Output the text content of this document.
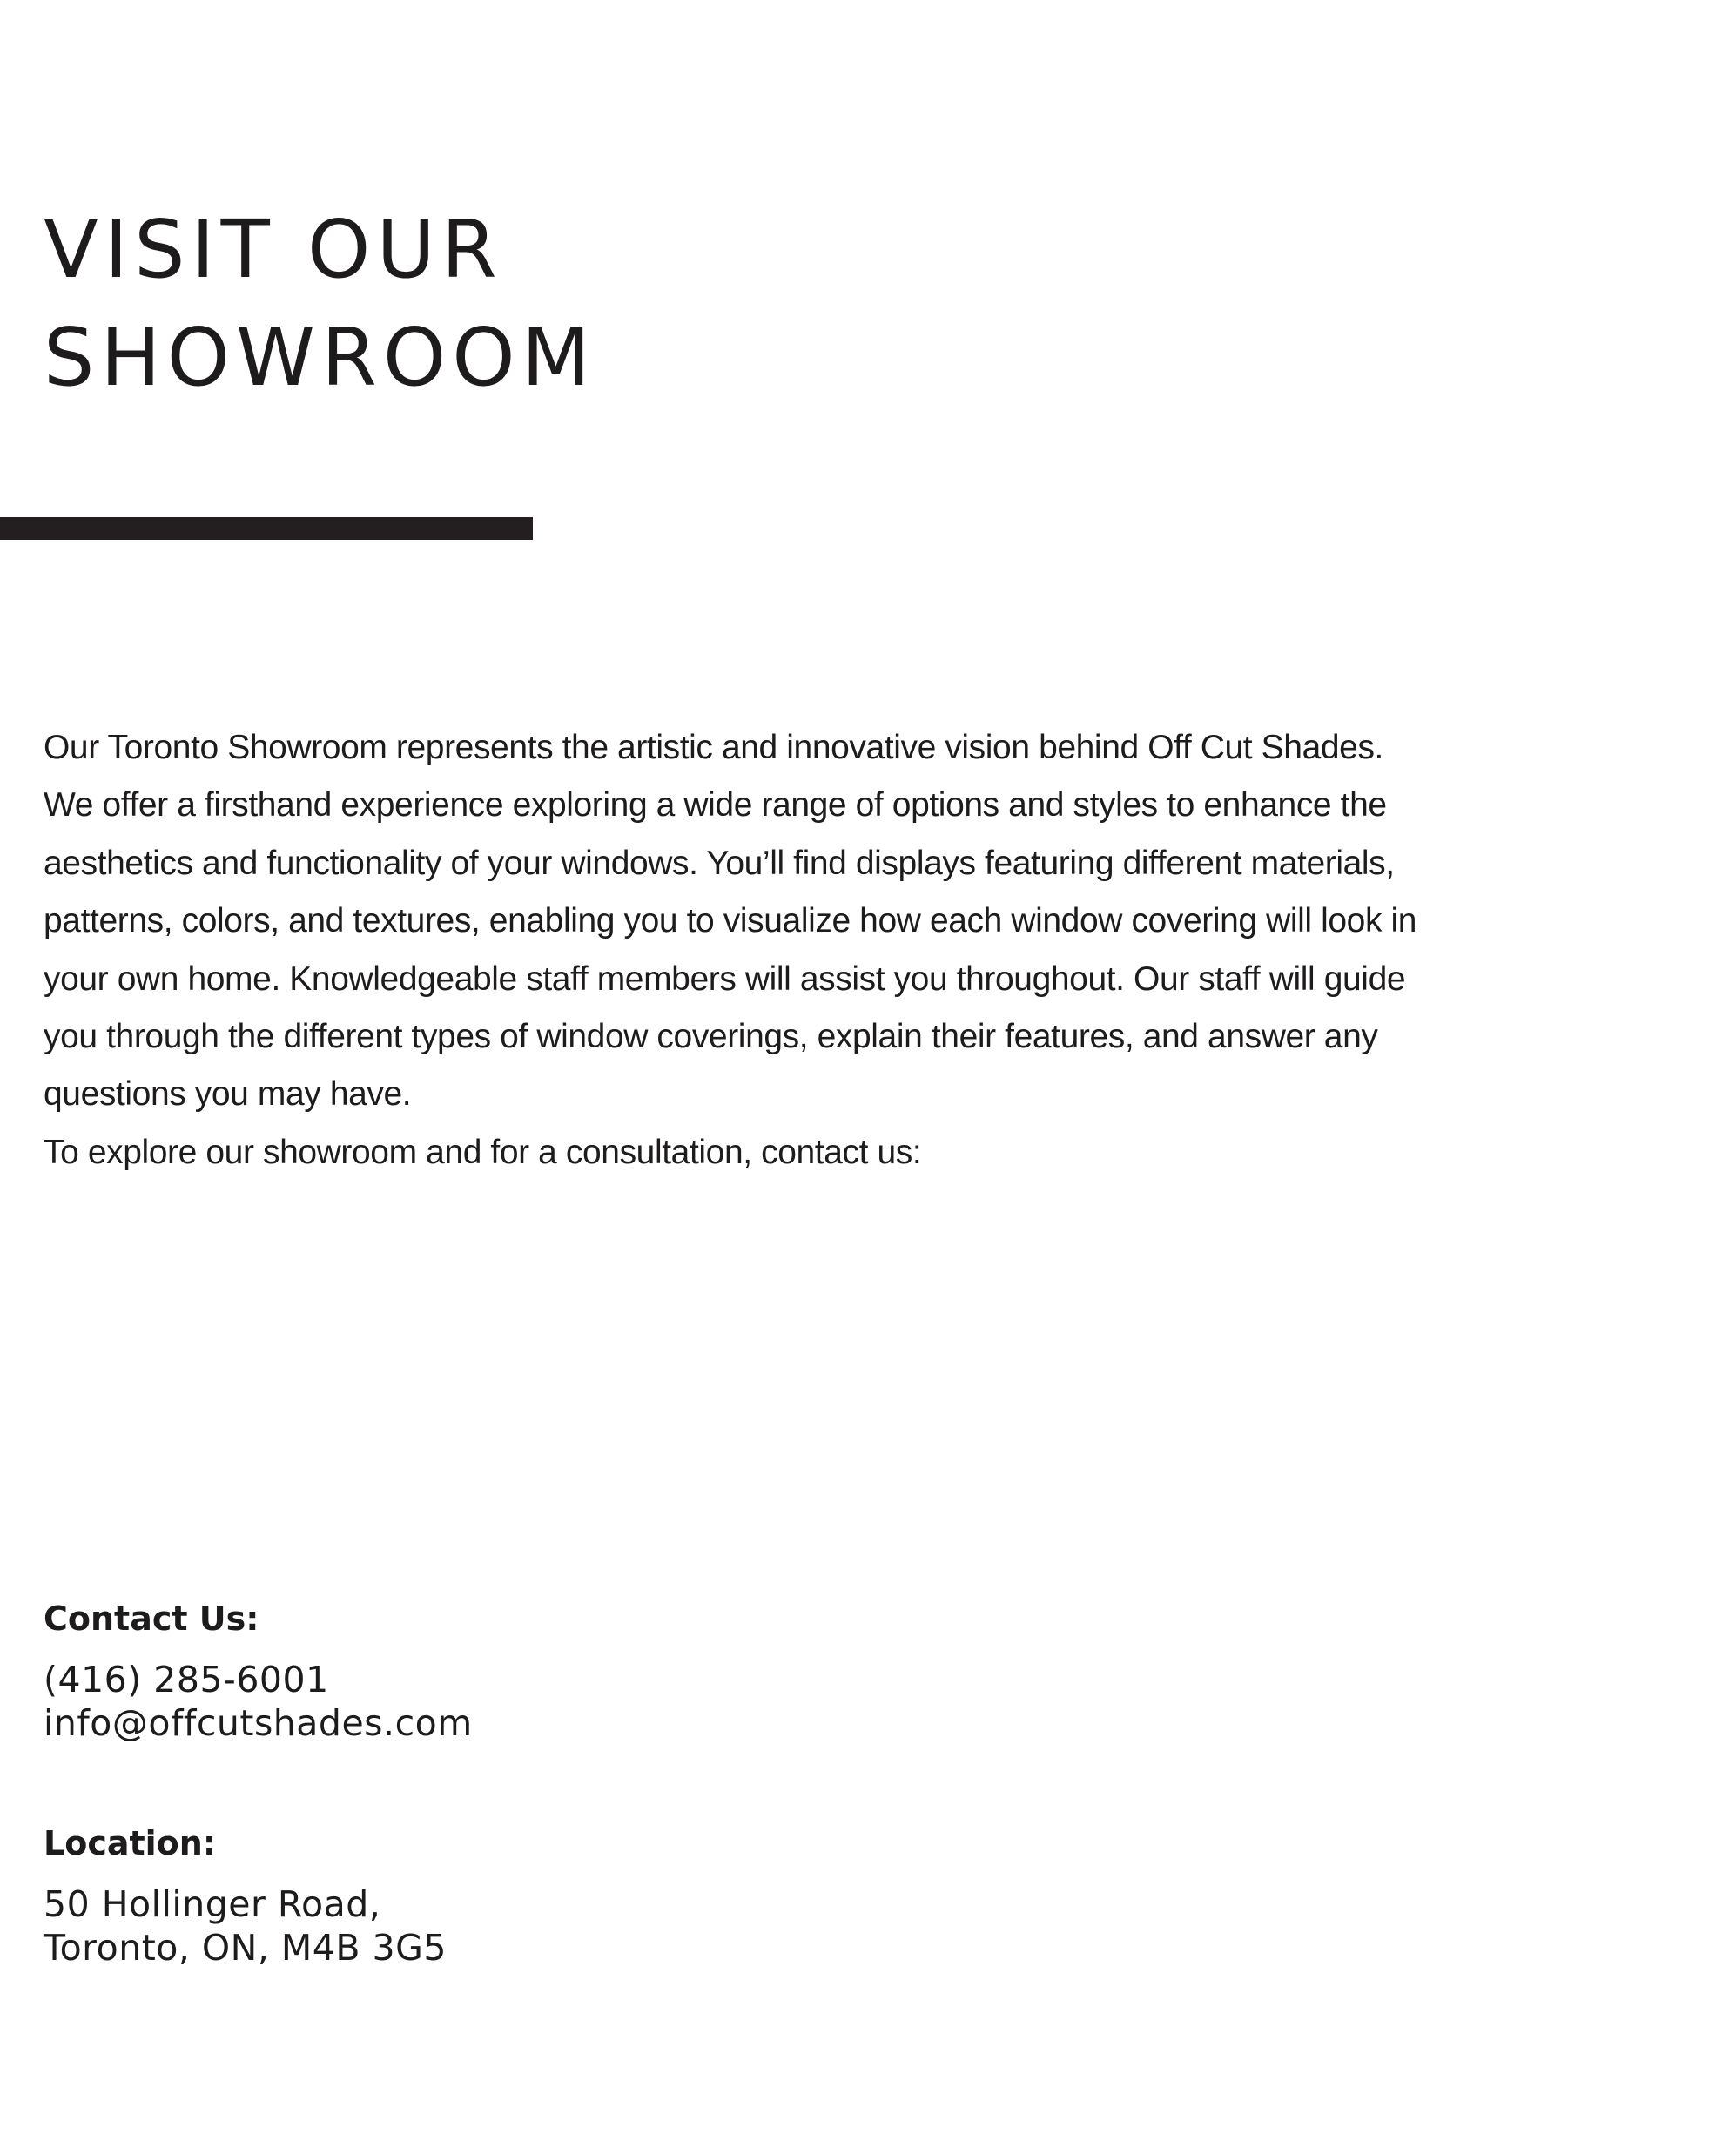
VISIT OUR
SHOWROOM

Our Toronto Showroom represents the artistic and innovative vision behind Off Cut Shades.
We offer a firsthand experience exploring a wide range of options and styles to enhance the
aesthetics and functionality of your windows. You’ll find displays featuring different materials,
patterns, colors, and textures, enabling you to visualize how each window covering will look in
your own home. Knowledgeable staff members will assist you throughout. Our staff will guide
you through the different types of window coverings, explain their features, and answer any
questions you may have.
To explore our showroom and for a consultation, contact us:

Contact Us:
(416) 285-6001
info@offcutshades.com
Location:
50 Hollinger Road,
Toronto, ON, M4B 3G5
